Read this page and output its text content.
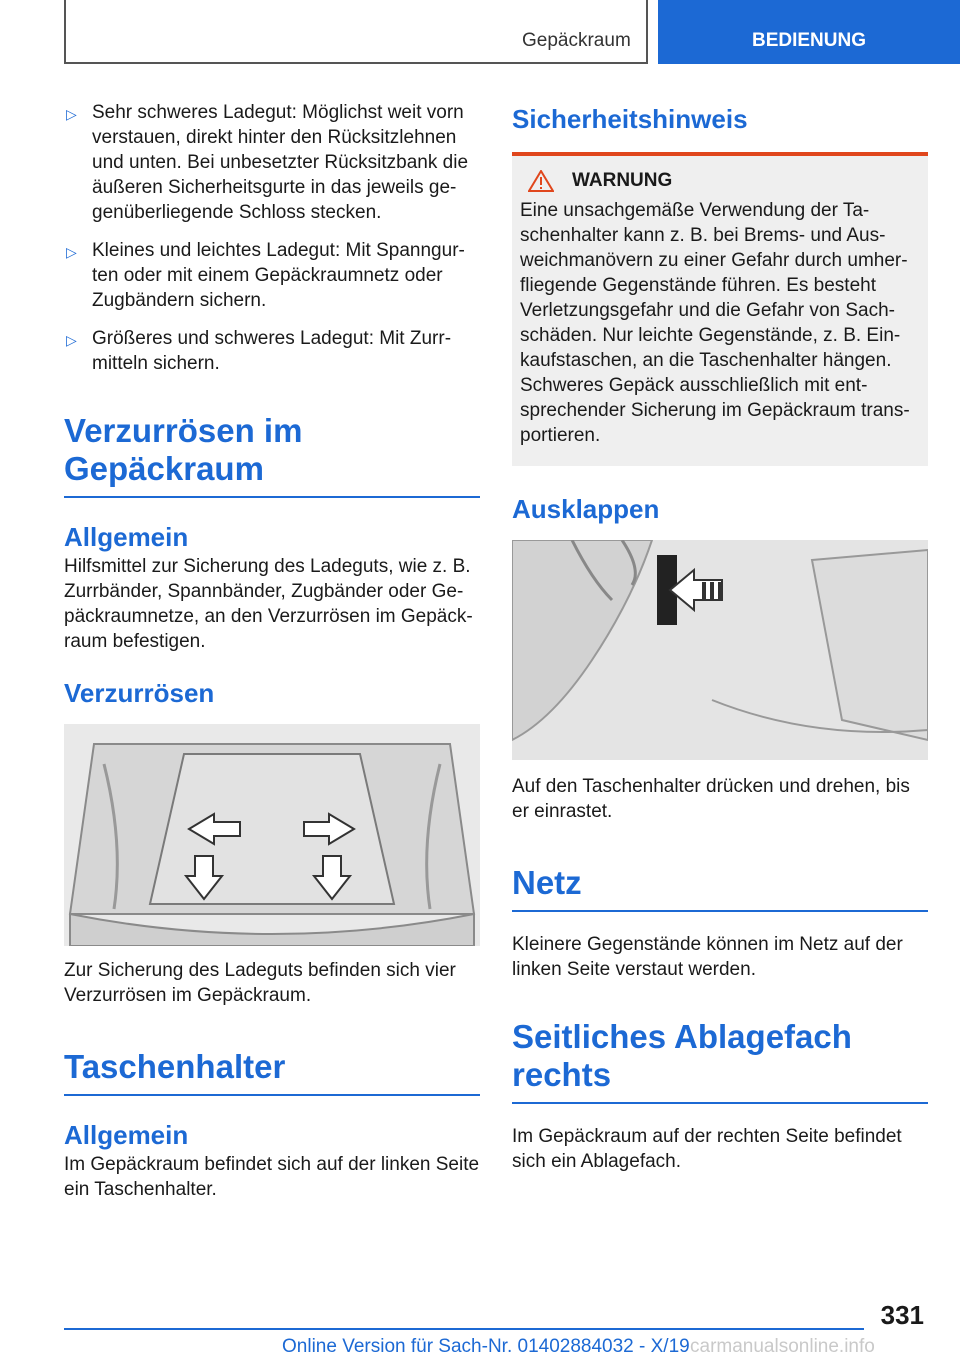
Gepäckraum	BEDIENUNG
▷ Sehr schweres Ladegut: Möglichst weit vorn verstauen, direkt hinter den Rücksitzlehnen und unten. Bei unbesetzter Rücksitzbank die äußeren Sicherheitsgurte in das jeweils ge‐ genüberliegende Schloss stecken.
▷ Kleines und leichtes Ladegut: Mit Spanngur‐ ten oder mit einem Gepäckraumnetz oder Zugbändern sichern.
▷ Größeres und schweres Ladegut: Mit Zurr‐ mitteln sichern.
Verzurrösen im Gepäckraum
Allgemein

Hilfsmittel zur Sicherung des Ladeguts, wie z. B. Zurrbänder, Spannbänder, Zugbänder oder Ge‐ päckraumnetze, an den Verzurrösen im Gepäck‐ raum befestigen.

Verzurrösen

Zur Sicherung des Ladeguts befinden sich vier Verzurrösen im Gepäckraum.

Taschenhalter
Allgemein

Im Gepäckraum befindet sich auf der linken Seite ein Taschenhalter.

Sicherheitshinweis
WARNUNG

Eine unsachgemäße Verwendung der Ta‐ schenhalter kann z. B. bei Brems- und Aus‐ weichmanövern zu einer Gefahr durch umher‐ fliegende Gegenstände führen. Es besteht Verletzungsgefahr und die Gefahr von Sach‐ schäden. Nur leichte Gegenstände, z. B. Ein‐ kaufstaschen, an die Taschenhalter hängen. Schweres Gepäck ausschließlich mit ent‐ sprechender Sicherung im Gepäckraum trans‐ portieren.

Ausklappen

Auf den Taschenhalter drücken und drehen, bis er einrastet.

Netz

Kleinere Gegenstände können im Netz auf der linken Seite verstaut werden.

Seitliches Ablagefach rechts

Im Gepäckraum auf der rechten Seite befindet sich ein Ablagefach.

331
Online Version für Sach-Nr. 01402884032 - X/19 carmanualsonline.info
